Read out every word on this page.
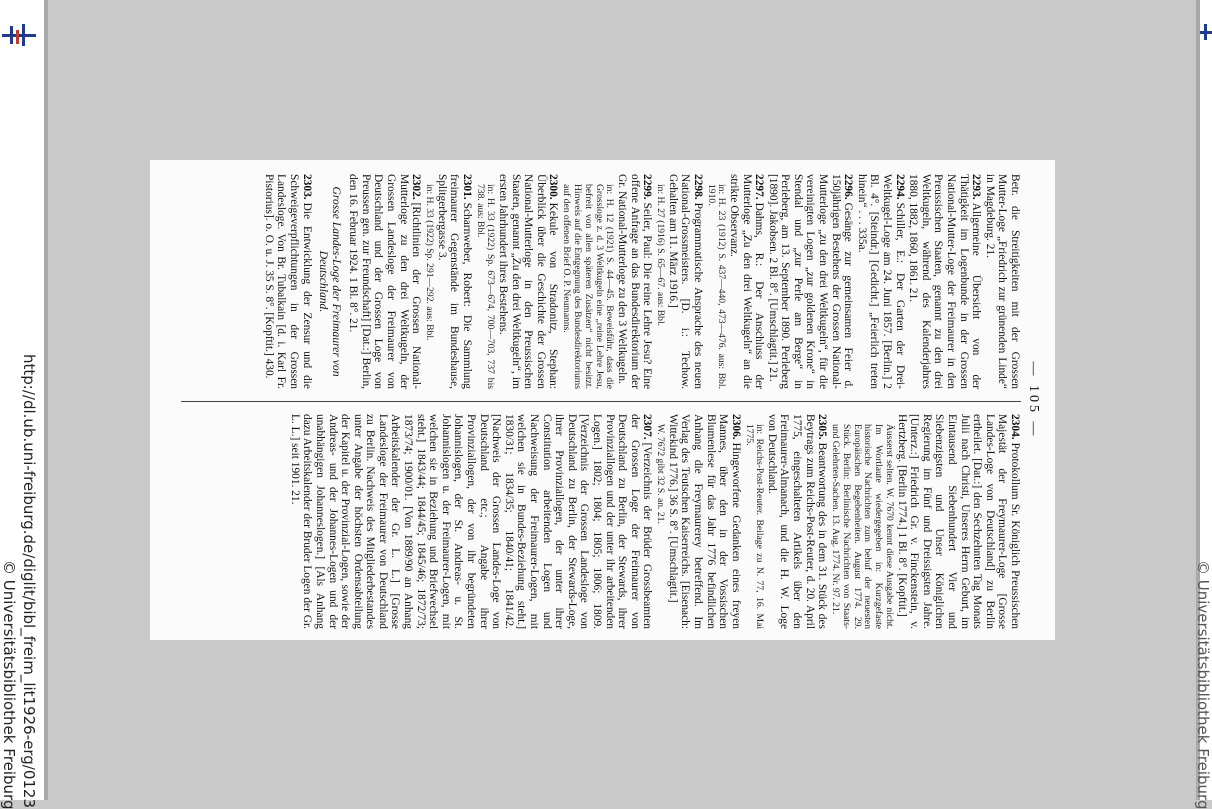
http://dl.ub.uni-freiburg.de/diglit/bibl_freim_lit1926-erg/0123
© Universitätsbibliothek Freiburg	© Universitätsbibliothek Freiburg
— 105 —
Betr. die Streitigkeiten mit der Grossen Mutter-Loge „Friedrich zur grünenden Linde“ in Magdeburg. 21.
2293.Allgemeine Übersicht von der Thätigkeit im Logenbunde in der Grossen National-Mutter-Loge der Freimaurer in den Preussischen Staaten, genannt zu den drei Weltkugeln, während des Kalenderjahres 1880, 1882, 1860, 1861. 21.
2294.Schiller, E.: Der Garten der Drei-Weltkugel-Loge am 24. Juni 1857. [Berlin.] 2 Bl. 4°. [Steindr.] [Gedicht.] „Feierlich treten hinein“ . . . 335a.
2296.Gesänge zur gemeinsamen Feier d. 150jährigen Bestehens der Grossen National-Mutterloge „zu den drei Weltkugeln“, für die vereinigten Logen „zur goldenen Krone“ in Stendal und „zur Perle am Berge“ in Perleberg, am 13. September 1890. Perleberg [1890]. Jakobsen. 2 Bl. 8°. [Umschlagtit.] 21.
2297.Dahms, R.: Der Anschluss der Mutterloge „Zu den drei Weltkugeln“ an die strikte Observanz.
in: H. 23 (1912) S. 437—440, 473—476. aus: Bbl. 1910.
2298.Programmatische Ansprache des neuen National-Grossmeisters. [D. i.: Techow. Gehalten am 11. März 1916.]
in: H. 27 (1916) S. 65—67. aus: Bbl.
2299.Seiler, Paul: Die reine Lehre Jesu? Eine offene Anfrage an das Bundesdirektorium der Gr. National-Mutterloge zu den 3 Weltkugeln.
in: H. 12 (1921) S. 44—45. Beweisführ, dass die Grossloge z. d. 3 Weltkugeln eine „reine Lehre Jesu, befreit von allen späteren Zusätzen“ nicht besitzt. Hinweis auf die Entgegnung des Bundesdirektoriums auf den offenen Brief O. P. Neumanns.
2300.Kekule von Stradonitz, Stephan: Überblick über die Geschichte der Grossen National-Mutterloge in den Preussischen Staaten, genannt „Zu den drei Weltkugeln“, im ersten Jahrhundert ihres Bestehens.
in: H. 33 (1922) Sp. 673—674, 700—703, 737 bis 738. aus: Bbl.
2301.Scharnweber, Robert: Die Sammlung freimaurer Gegenstände im Bundeshause, Splitgerbergasse 3.
in: H. 33 (1922) Sp. 291—292. aus: Bbl.
2302.[Richtlinien der Grossen National-Mutterloge zu den drei Weltkugeln, der Grossen Landesloge der Freimaurer von Deutschland und der Grossen Loge von Preussen gen. zur Freundschaft] [Dat.:] Berlin, den 16. Februar 1924. 1 Bl. 8°. 21.
Grosse Landes-Loge der Freimaurer von Deutschland.
2303.Die Entwicklung der Zensur und die Schweigeverpflichtungen in der Grossen Landesloge. Von Br. Tubalkain [d. i. Karl Fr. Pistorius]. o. O. u. J. 35 S. 8°. [Kopftit.] 430.
2304.Protokollum Sr. Königlich Preussischen Majestät der Freymaurer-Loge [Grosse Landes-Loge von Deutschland] zu Berlin ertheilet. [Dat.:] den Sechzehnten Tag Monats Julii nach Christi, Unseres Herrn Geburt, im Eintausend Siebenhundert Vier und Siebenzigsten und Unser Königlichen Regierung im Fünf und Dreissigsten Jahre. [Unterz.:] Friedrich Gr. v. Finckenstein, v. Hertzberg. [Berlin 1774.] 1 Bl. 8°. [Kopftit.]
Äusserst selten. W. 7670 kennt diese Ausgabe nicht. Im Wortlaute wiedergegeben in: Kurzgefaste historische Nachrichten zum behuf der neuesten Europäischen Begebenheiten. August 1774. 29. Stück. Berlin: Berlinische Nachrichten von Staats- und Gelehrten-Sachen. 13. Aug. 1774. Nr. 97. 21.
2305.Beantwortung des in dem 31. Stück des Beytrags zum Reichs-Post-Reuter, d. 20. April 1775, eingeschalteten Artikels über den Freimaurer-Almanach, und die H. W. Loge von Deutschland.
in: Reichs-Post-Reuter. Beilage zu N. 77, 16. Mai 1775.
2306.Hingeworfene Gedanken eines freyen Mannes, über den in der Vossischen Blumenlese für das Jahr 1776 befindlichen Anhang die Freymaurerey betreffend. Im Verlag des Teutschen Kaiserreichs. [Eisenach: Wittekind 1776.] 36 S. 8°. [Umschlagtit.]
W. 7672 gibt 32 S. an. 21.
2307.[Verzeichnis der Brüder Grossbeamten der Grossen Loge der Freimaurer von Deutschland zu Berlin, der Stewards, ihrer Provinziallogen und der unter ihr arbeitenden Logen.] 1802; 1804; 1805; 1806; 1809. [Verzeichnis der Grossen Landesloge von Deutschland zu Berlin, der Stewards-Loge, ihrer Provinziallogen, der unter ihrer Constitution arbeitenden Logen und Nachweisung der Freimaurer-Logen, mit welchen sie in Bundes-Beziehung steht.] 1830/31; 1834/35; 1840/41; 1841/42. [Nachweis der Grossen Landes-Loge von Deutschland etc.; Angabe ihrer Provinziallogen, der von ihr begründeten Johannislogen, der St. Andreas- u. St. Johannislogen u. der Freimaurer-Logen, mit welchen sie in Beziehung und Briefwechsel steht.] 1843/44; 1844/45; 1845/46; 1872/73; 1873/74; 1900/01. [Von 1889/90 an Anhang Arbeitskalender der Gr. L. L.] [Grosse Landesloge der Freimaurer von Deutschland zu Berlin. Nachweis des Mitgliederbestandes unter Angabe der höchsten Ordensabteilung der Kapitel u. der Provinzial-Logen, sowie der Andreas- und der Johannes-Logen und der unabhängigen Johanneslogen.] [Als Anhang dazu Arbeitskalender der Bruder Logen der Gr. L. L.] seit 1901. 21.
